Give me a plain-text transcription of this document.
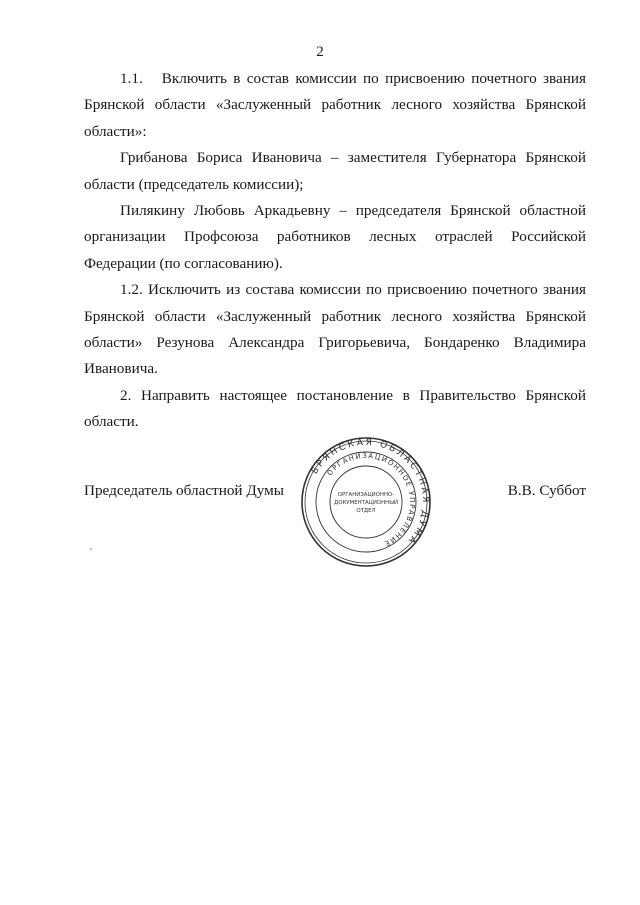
2

1.1.   Включить в состав комиссии по присвоению почетного звания Брянской области «Заслуженный работник лесного хозяйства Брянской области»:

Грибанова Бориса Ивановича – заместителя Губернатора Брянской области (председатель комиссии);

Пилякину Любовь Аркадьевну – председателя Брянской областной организации Профсоюза работников лесных отраслей Российской Федерации (по согласованию).

1.2. Исключить из состава комиссии по присвоению почетного звания Брянской области «Заслуженный работник лесного хозяйства Брянской области» Резунова Александра Григорьевича, Бондаренко Владимира Ивановича.

2. Направить настоящее постановление в Правительство Брянской области.

Председатель областной Думы	В.В. Суббот
БРЯНСКАЯ ОБЛАСТНАЯ ДУМА
ОРГАНИЗАЦИОННОЕ УПРАВЛЕНИЕ
ОРГАНИЗАЦИОННО-
ДОКУМЕНТАЦИОННЫЙ
ОТДЕЛ
